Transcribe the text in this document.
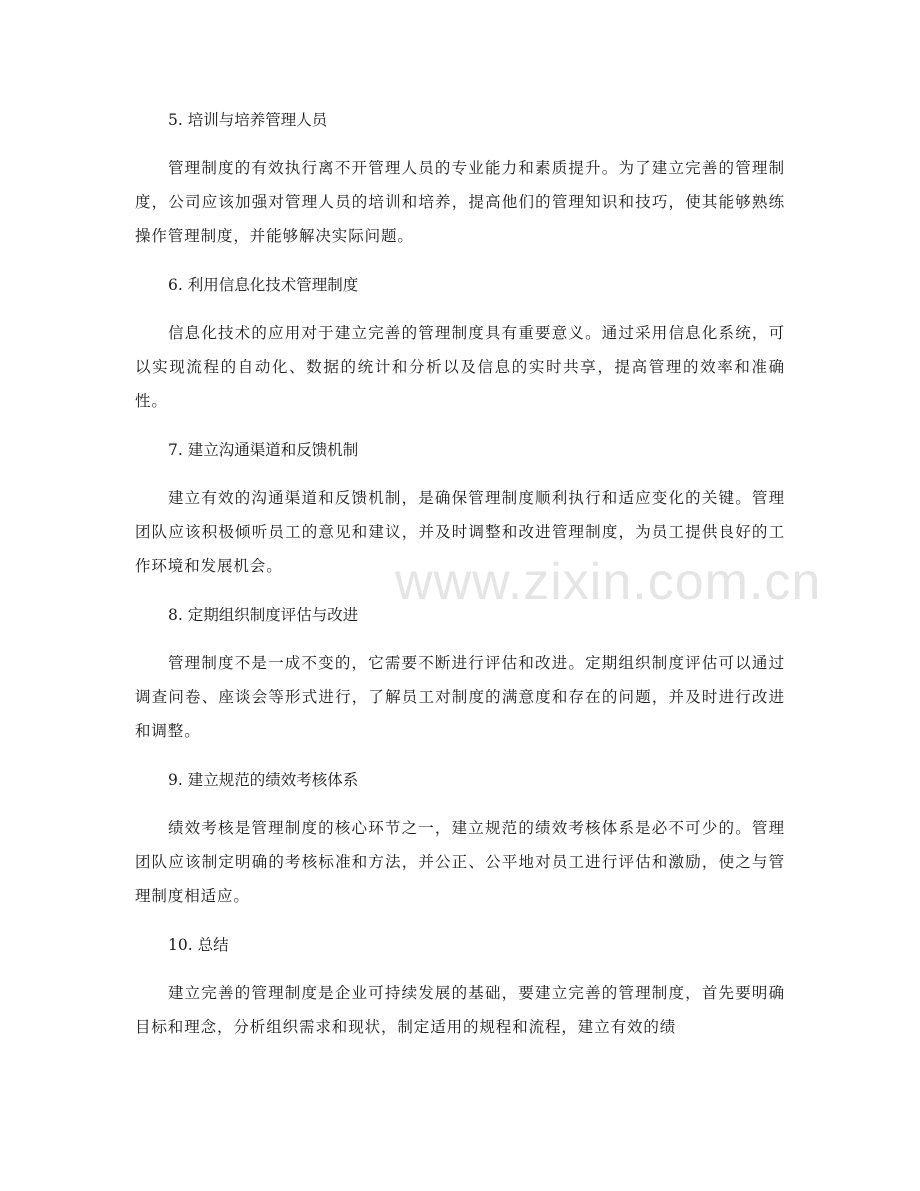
5. 培训与培养管理人员

管理制度的有效执行离不开管理人员的专业能力和素质提升。为了建立完善的管理制度，公司应该加强对管理人员的培训和培养，提高他们的管理知识和技巧，使其能够熟练操作管理制度，并能够解决实际问题。

6. 利用信息化技术管理制度

信息化技术的应用对于建立完善的管理制度具有重要意义。通过采用信息化系统，可以实现流程的自动化、数据的统计和分析以及信息的实时共享，提高管理的效率和准确性。

7. 建立沟通渠道和反馈机制

建立有效的沟通渠道和反馈机制，是确保管理制度顺利执行和适应变化的关键。管理团队应该积极倾听员工的意见和建议，并及时调整和改进管理制度，为员工提供良好的工作环境和发展机会。

8. 定期组织制度评估与改进

管理制度不是一成不变的，它需要不断进行评估和改进。定期组织制度评估可以通过调查问卷、座谈会等形式进行，了解员工对制度的满意度和存在的问题，并及时进行改进和调整。

9. 建立规范的绩效考核体系

绩效考核是管理制度的核心环节之一，建立规范的绩效考核体系是必不可少的。管理团队应该制定明确的考核标准和方法，并公正、公平地对员工进行评估和激励，使之与管理制度相适应。

10. 总结

建立完善的管理制度是企业可持续发展的基础，要建立完善的管理制度，首先要明确目标和理念，分析组织需求和现状，制定适用的规程和流程，建立有效的绩

www.zixin.com.cn
